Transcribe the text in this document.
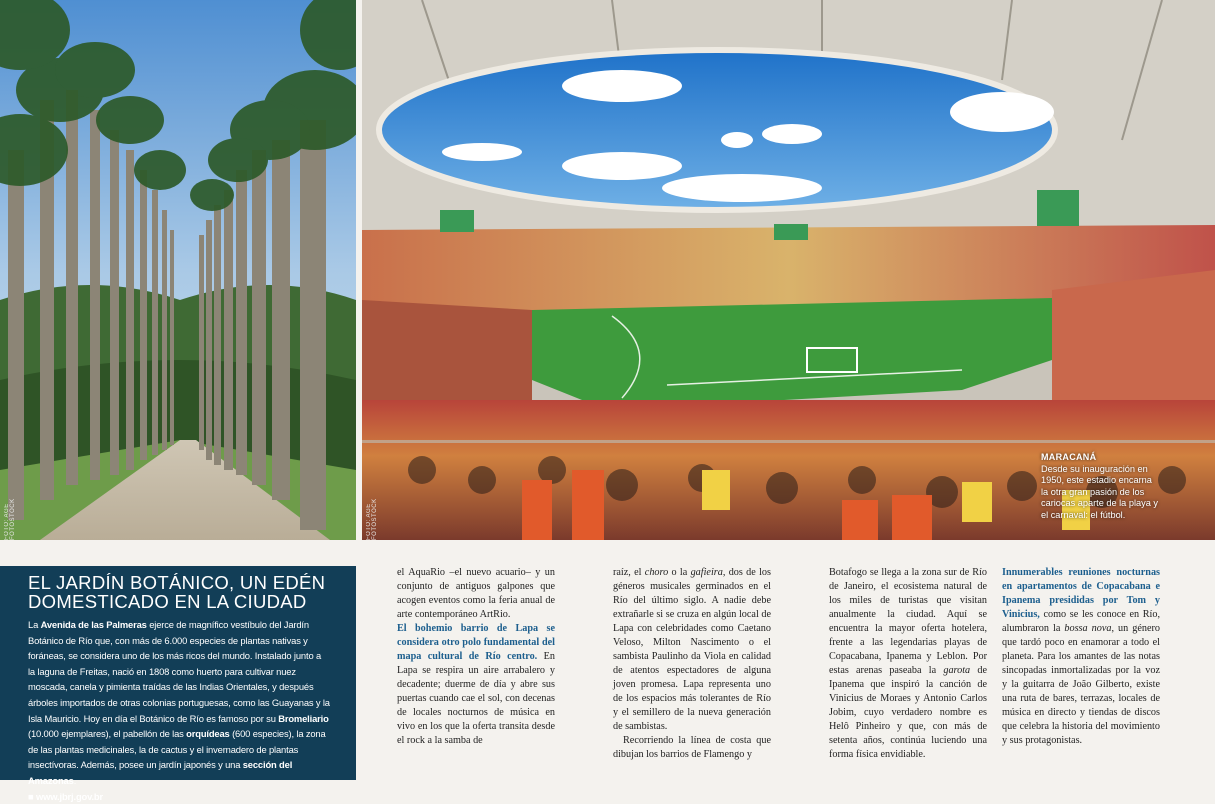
FOTO: AGE FOTOSTOCK	FOTO: AGE FOTOSTOCK
MARACANÁ
Desde su inauguración en 1950, este estadio encarna la otra gran pasión de los cariocas aparte de la playa y el carnaval: el fútbol.
EL JARDÍN BOTÁNICO, UN EDÉN
DOMESTICADO EN LA CIUDAD
La Avenida de las Palmeras ejerce de magnífico vestíbulo del Jardín Botánico de Río que, con más de 6.000 especies de plantas nativas y foráneas, se considera uno de los más ricos del mundo. Instalado junto a la laguna de Freitas, nació en 1808 como huerto para cultivar nuez moscada, canela y pimienta traídas de las Indias Orientales, y después árboles importados de otras colonias portuguesas, como las Guayanas y la Isla Mauricio. Hoy en día el Botánico de Río es famoso por su Bromeliario (10.000 ejemplares), el pabellón de las orquídeas (600 especies), la zona de las plantas medicinales, la de cactus y el invernadero de plantas insectívoras. Además, posee un jardín japonés y una sección del Amazonas.
■ www.jbrj.gov.br

el AquaRio –el nuevo acuario– y un conjunto de antiguos galpones que acogen eventos como la feria anual de arte contemporáneo ArtRio.

El bohemio barrio de Lapa se considera otro polo fundamental del mapa cultural de Río centro. En Lapa se respira un aire arrabalero y decadente; duerme de día y abre sus puertas cuando cae el sol, con decenas de locales nocturnos de música en vivo en los que la oferta transita desde el rock a la samba de

raíz, el choro o la gafieira, dos de los géneros musicales germinados en el Río del último siglo. A nadie debe extrañarle si se cruza en algún local de Lapa con celebridades como Caetano Veloso, Milton Nascimento o el sambista Paulinho da Viola en calidad de atentos espectadores de alguna joven promesa. Lapa representa uno de los espacios más tolerantes de Río y el semillero de la nueva generación de sambistas.

Recorriendo la línea de costa que dibujan los barrios de Flamengo y

Botafogo se llega a la zona sur de Río de Janeiro, el ecosistema natural de los miles de turistas que visitan anualmente la ciudad. Aquí se encuentra la mayor oferta hotelera, frente a las legendarias playas de Copacabana, Ipanema y Leblon. Por estas arenas paseaba la garota de Ipanema que inspiró la canción de Vinicius de Moraes y Antonio Carlos Jobim, cuyo verdadero nombre es Helô Pinheiro y que, con más de setenta años, continúa luciendo una forma física envidiable.

Innumerables reuniones nocturnas en apartamentos de Copacabana e Ipanema presididas por Tom y Vinicius, como se les conoce en Río, alumbraron la bossa nova, un género que tardó poco en enamorar a todo el planeta. Para los amantes de las notas sincopadas inmortalizadas por la voz y la guitarra de João Gilberto, existe una ruta de bares, terrazas, locales de música en directo y tiendas de discos que celebra la historia del movimiento y sus protagonistas.
